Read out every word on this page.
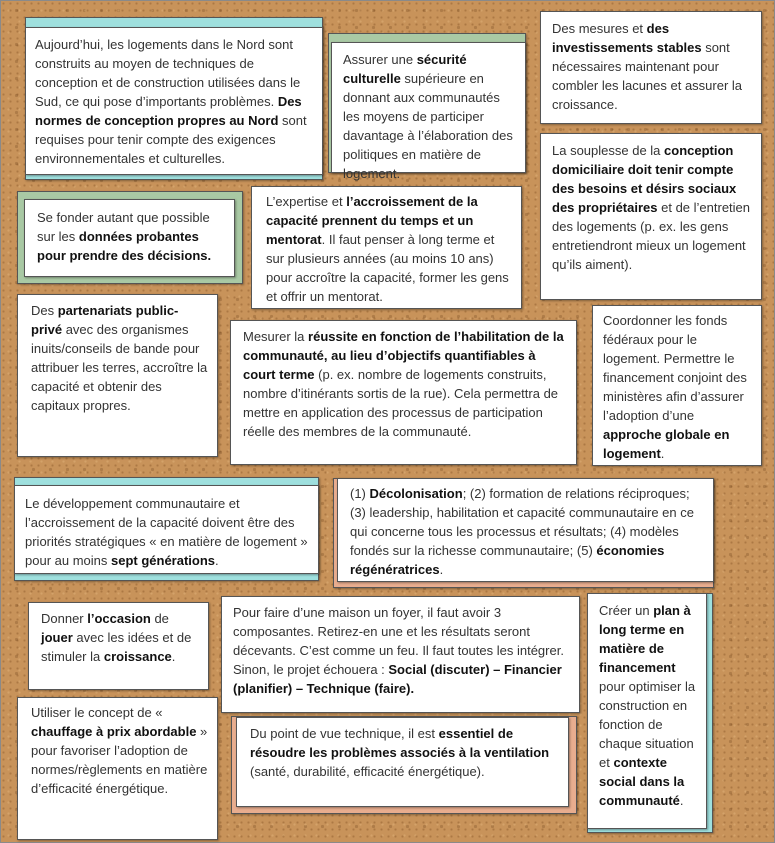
Aujourd’hui, les logements dans le Nord sont construits au moyen de techniques de conception et de construction utilisées dans le Sud, ce qui pose d’importants problèmes. Des normes de conception propres au Nord sont requises pour tenir compte des exigences environnementales et culturelles.
Assurer une sécurité culturelle supérieure en donnant aux communautés les moyens de participer davantage à l’élaboration des politiques en matière de logement.
Des mesures et des investissements stables sont nécessaires maintenant pour combler les lacunes et assurer la croissance.
La souplesse de la conception domiciliaire doit tenir compte des besoins et désirs sociaux des propriétaires et de l’entretien des logements (p. ex. les gens entretiendront mieux un logement qu’ils aiment).
Se fonder autant que possible sur les données probantes pour prendre des décisions.
L’expertise et l’accroissement de la capacité prennent du temps et un mentorat. Il faut penser à long terme et sur plusieurs années (au moins 10 ans) pour accroître la capacité, former les gens et offrir un mentorat.
Des partenariats public-privé avec des organismes inuits/conseils de bande pour attribuer les terres, accroître la capacité et obtenir des capitaux propres.
Mesurer la réussite en fonction de l’habilitation de la communauté, au lieu d’objectifs quantifiables à court terme (p. ex. nombre de logements construits, nombre d’itinérants sortis de la rue). Cela permettra de mettre en application des processus de participation réelle des membres de la communauté.
Coordonner les fonds fédéraux pour le logement. Permettre le financement conjoint des ministères afin d’assurer l’adoption d’une approche globale en logement.
Le développement communautaire et l’accroissement de la capacité doivent être des priorités stratégiques « en matière de logement » pour au moins sept générations.
(1) Décolonisation; (2) formation de relations réciproques; (3) leadership, habilitation et capacité communautaire en ce qui concerne tous les processus et résultats; (4) modèles fondés sur la richesse communautaire; (5) économies régénératrices.
Donner l’occasion de jouer avec les idées et de stimuler la croissance.
Pour faire d’une maison un foyer, il faut avoir 3 composantes. Retirez-en une et les résultats seront décevants. C’est comme un feu. Il faut toutes les intégrer. Sinon, le projet échouera : Social (discuter) – Financier (planifier) – Technique (faire).
Créer un plan à long terme en matière de financement pour optimiser la construction en fonction de chaque situation et contexte social dans la communauté.
Utiliser le concept de « chauffage à prix abordable » pour favoriser l’adoption de normes/règlements en matière d’efficacité énergétique.
Du point de vue technique, il est essentiel de résoudre les problèmes associés à la ventilation (santé, durabilité, efficacité énergétique).
